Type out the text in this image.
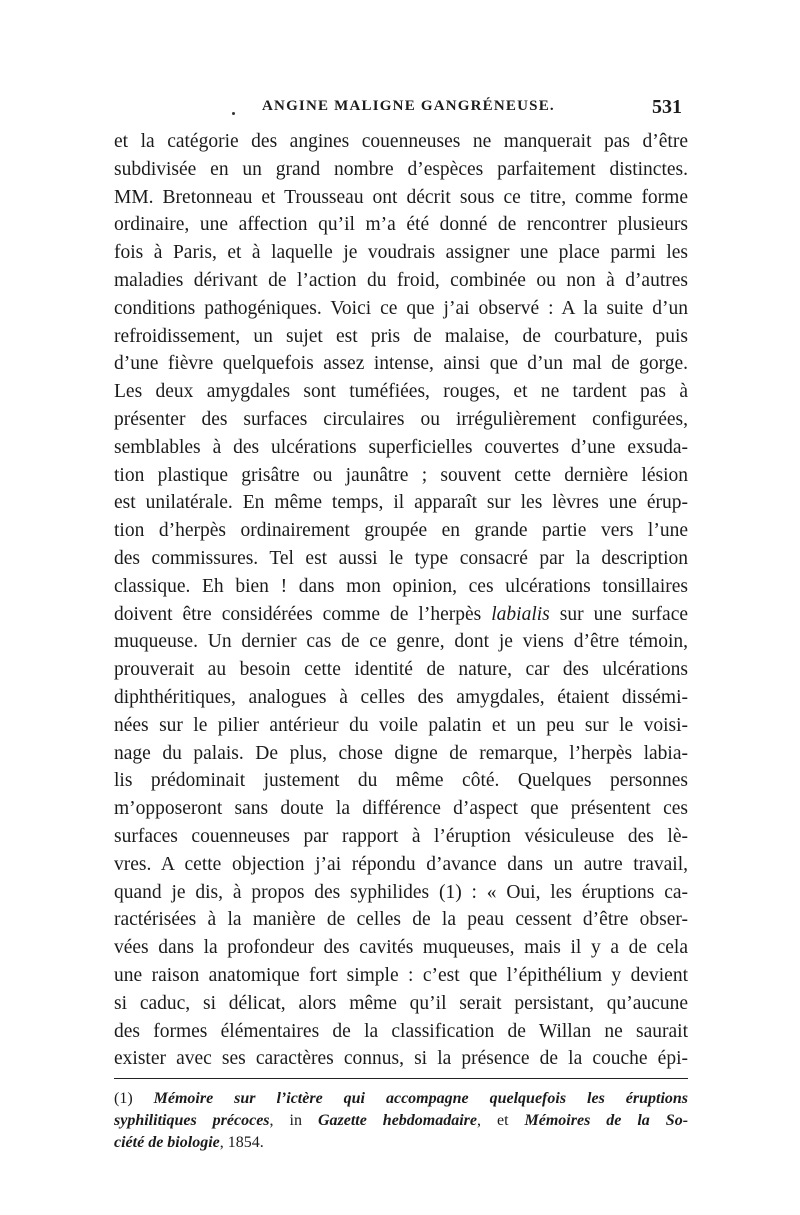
ANGINE MALIGNE GANGRÉNEUSE.	531
et la catégorie des angines couenneuses ne manquerait pas d’être
subdivisée en un grand nombre d’espèces parfaitement distinctes.
MM. Bretonneau et Trousseau ont décrit sous ce titre, comme forme
ordinaire, une affection qu’il m’a été donné de rencontrer plusieurs
fois à Paris, et à laquelle je voudrais assigner une place parmi les
maladies dérivant de l’action du froid, combinée ou non à d’autres
conditions pathogéniques. Voici ce que j’ai observé : A la suite d’un
refroidissement, un sujet est pris de malaise, de courbature, puis
d’une fièvre quelquefois assez intense, ainsi que d’un mal de gorge.
Les deux amygdales sont tuméfiées, rouges, et ne tardent pas à
présenter des surfaces circulaires ou irrégulièrement configurées,
semblables à des ulcérations superficielles couvertes d’une exsuda-
tion plastique grisâtre ou jaunâtre ; souvent cette dernière lésion
est unilatérale. En même temps, il apparaît sur les lèvres une érup-
tion d’herpès ordinairement groupée en grande partie vers l’une
des commissures. Tel est aussi le type consacré par la description
classique. Eh bien ! dans mon opinion, ces ulcérations tonsillaires
doivent être considérées comme de l’herpès labialis sur une surface
muqueuse. Un dernier cas de ce genre, dont je viens d’être témoin,
prouverait au besoin cette identité de nature, car des ulcérations
diphthéritiques, analogues à celles des amygdales, étaient dissémi-
nées sur le pilier antérieur du voile palatin et un peu sur le voisi-
nage du palais. De plus, chose digne de remarque, l’herpès labia-
lis prédominait justement du même côté. Quelques personnes
m’opposeront sans doute la différence d’aspect que présentent ces
surfaces couenneuses par rapport à l’éruption vésiculeuse des lè-
vres. A cette objection j’ai répondu d’avance dans un autre travail,
quand je dis, à propos des syphilides (1) : « Oui, les éruptions ca-
ractérisées à la manière de celles de la peau cessent d’être obser-
vées dans la profondeur des cavités muqueuses, mais il y a de cela
une raison anatomique fort simple : c’est que l’épithélium y devient
si caduc, si délicat, alors même qu’il serait persistant, qu’aucune
des formes élémentaires de la classification de Willan ne saurait
exister avec ses caractères connus, si la présence de la couche épi-
(1) Mémoire sur l’ictère qui accompagne quelquefois les éruptions
syphilitiques précoces, in Gazette hebdomadaire, et Mémoires de la So-
ciété de biologie, 1854.
